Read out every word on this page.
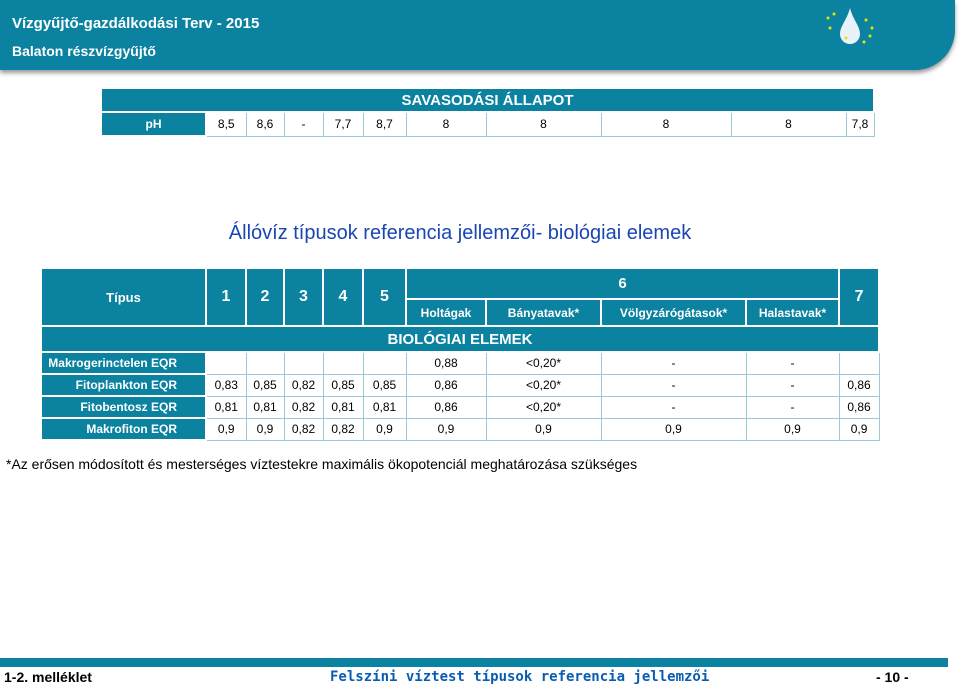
Vízgyűjtő-gazdálkodási Terv - 2015
Balaton részvízgyűjtő
SAVASODÁSI ÁLLAPOT
pH	8,5	8,6	-	7,7	8,7	8	8	8	8	7,8
Állóvíz típusok referencia jellemzői- biológiai elemek
Típus	1	2	3	4	5	6				7
						Holtágak	Bányatavak*	Völgyzárógátasok*	Halastavak*	
BIOLÓGIAI ELEMEK										
Makrogerinctelen EQR						0,88	<0,20*	-	-	
Fitoplankton EQR	0,83	0,85	0,82	0,85	0,85	0,86	<0,20*	-	-	0,86
Fitobentosz EQR	0,81	0,81	0,82	0,81	0,81	0,86	<0,20*	-	-	0,86
Makrofiton EQR	0,9	0,9	0,82	0,82	0,9	0,9	0,9	0,9	0,9	0,9
*Az erősen módosított és mesterséges víztestekre maximális ökopotenciál meghatározása szükséges
1-2. melléklet	Felszíni víztest típusok referencia jellemzői	- 10 -
